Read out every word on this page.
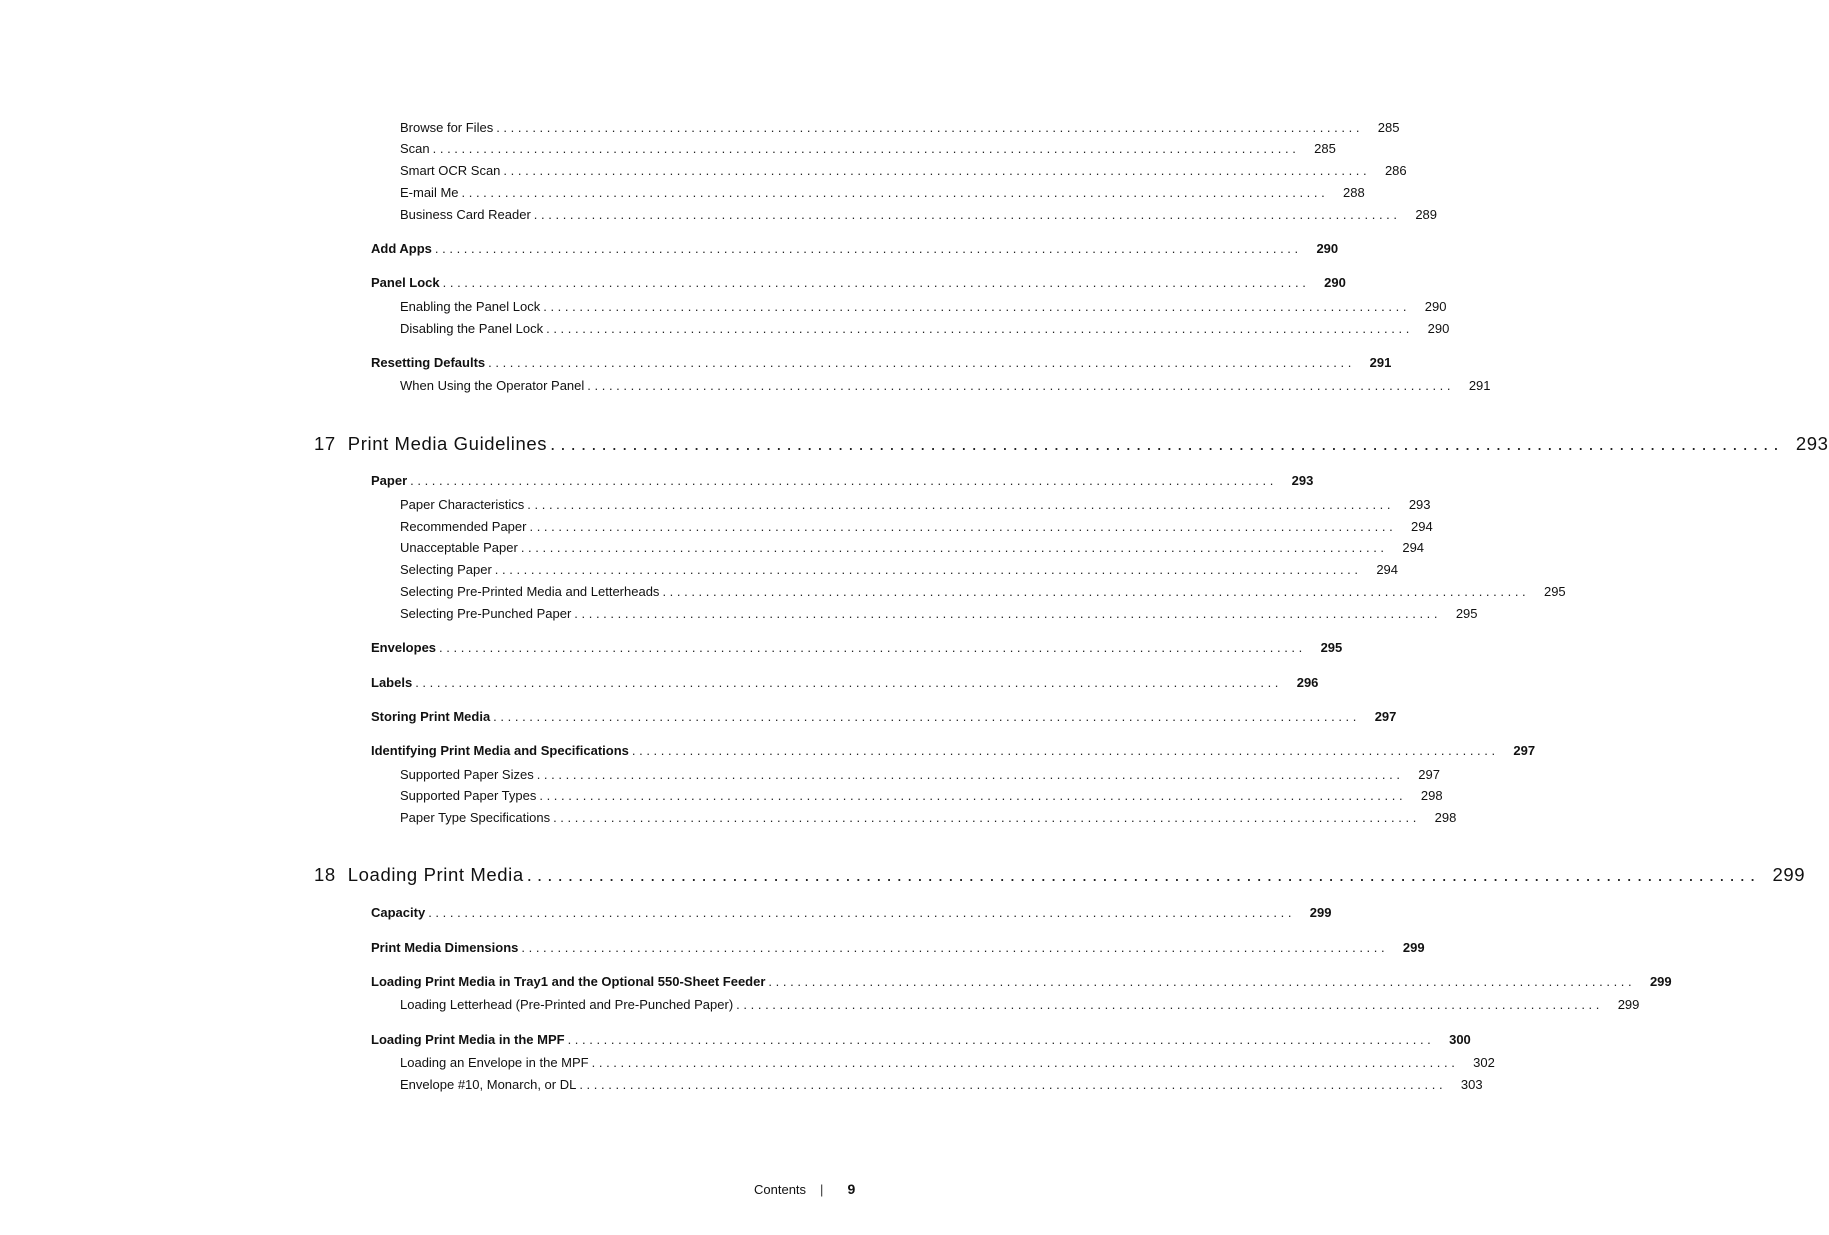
Browse for Files . . . . . . . . . . . . . . . . . . . . . . . . . . . . . . . . . . . . . . . . . . . . . . . . . . . . . . . . . . . . . . . . . . . . . . . . . . . . . . . . . . . . . . . . . . . . . . . . . . . . . . . . . . . . . . . . . . . . . . . .	285
Scan . . . . . . . . . . . . . . . . . . . . . . . . . . . . . . . . . . . . . . . . . . . . . . . . . . . . . . . . . . . . . . . . . . . . . . . . . . . . . . . . . . . . . . . . . . . . . . . . . . . . . . . . . . . . . . . . . . . . . . . .	285
Smart OCR Scan . . . . . . . . . . . . . . . . . . . . . . . . . . . . . . . . . . . . . . . . . . . . . . . . . . . . . . . . . . . . . . . . . . . . . . . . . . . . . . . . . . . . . . . . . . . . . . . . . . . . . . . . . . . . . . . . . . . . . . . .	286
E-mail Me . . . . . . . . . . . . . . . . . . . . . . . . . . . . . . . . . . . . . . . . . . . . . . . . . . . . . . . . . . . . . . . . . . . . . . . . . . . . . . . . . . . . . . . . . . . . . . . . . . . . . . . . . . . . . . . . . . . . . . . .	288
Business Card Reader . . . . . . . . . . . . . . . . . . . . . . . . . . . . . . . . . . . . . . . . . . . . . . . . . . . . . . . . . . . . . . . . . . . . . . . . . . . . . . . . . . . . . . . . . . . . . . . . . . . . . . . . . . . . . . . . . . . . . . . .	289
Add Apps . . . . . . . . . . . . . . . . . . . . . . . . . . . . . . . . . . . . . . . . . . . . . . . . . . . . . . . . . . . . . . . . . . . . . . . . . . . . . . . . . . . . . . . . . . . . . . . . . . . . . . . . . . . . . . . . . . . . . . . .	290
Panel Lock . . . . . . . . . . . . . . . . . . . . . . . . . . . . . . . . . . . . . . . . . . . . . . . . . . . . . . . . . . . . . . . . . . . . . . . . . . . . . . . . . . . . . . . . . . . . . . . . . . . . . . . . . . . . . . . . . . . . . . . .	290
Enabling the Panel Lock . . . . . . . . . . . . . . . . . . . . . . . . . . . . . . . . . . . . . . . . . . . . . . . . . . . . . . . . . . . . . . . . . . . . . . . . . . . . . . . . . . . . . . . . . . . . . . . . . . . . . . . . . . . . . . . . . . . . . . . .	290
Disabling the Panel Lock . . . . . . . . . . . . . . . . . . . . . . . . . . . . . . . . . . . . . . . . . . . . . . . . . . . . . . . . . . . . . . . . . . . . . . . . . . . . . . . . . . . . . . . . . . . . . . . . . . . . . . . . . . . . . . . . . . . . . . . .	290
Resetting Defaults . . . . . . . . . . . . . . . . . . . . . . . . . . . . . . . . . . . . . . . . . . . . . . . . . . . . . . . . . . . . . . . . . . . . . . . . . . . . . . . . . . . . . . . . . . . . . . . . . . . . . . . . . . . . . . . . . . . . . . . .	291
When Using the Operator Panel . . . . . . . . . . . . . . . . . . . . . . . . . . . . . . . . . . . . . . . . . . . . . . . . . . . . . . . . . . . . . . . . . . . . . . . . . . . . . . . . . . . . . . . . . . . . . . . . . . . . . . . . . . . . . . . . . . . . . . . .	291
17 Print Media Guidelines . . . . . . . . . . . . . . . . . . . . . . . . . . . . . . . . . . . . . . . . . . . . . . . . . . . . . . . . . . . . . . . . . . . . . . . . . . . . . . . . . . . . . . . . . . . . . . . . . . . . . . . . . . . . . . . . . . . . . . . . 293
Paper . . . . . . . . . . . . . . . . . . . . . . . . . . . . . . . . . . . . . . . . . . . . . . . . . . . . . . . . . . . . . . . . . . . . . . . . . . . . . . . . . . . . . . . . . . . . . . . . . . . . . . . . . . . . . . . . . . . . . . . .	293
Paper Characteristics . . . . . . . . . . . . . . . . . . . . . . . . . . . . . . . . . . . . . . . . . . . . . . . . . . . . . . . . . . . . . . . . . . . . . . . . . . . . . . . . . . . . . . . . . . . . . . . . . . . . . . . . . . . . . . . . . . . . . . . .	293
Recommended Paper . . . . . . . . . . . . . . . . . . . . . . . . . . . . . . . . . . . . . . . . . . . . . . . . . . . . . . . . . . . . . . . . . . . . . . . . . . . . . . . . . . . . . . . . . . . . . . . . . . . . . . . . . . . . . . . . . . . . . . . .	294
Unacceptable Paper . . . . . . . . . . . . . . . . . . . . . . . . . . . . . . . . . . . . . . . . . . . . . . . . . . . . . . . . . . . . . . . . . . . . . . . . . . . . . . . . . . . . . . . . . . . . . . . . . . . . . . . . . . . . . . . . . . . . . . . .	294
Selecting Paper . . . . . . . . . . . . . . . . . . . . . . . . . . . . . . . . . . . . . . . . . . . . . . . . . . . . . . . . . . . . . . . . . . . . . . . . . . . . . . . . . . . . . . . . . . . . . . . . . . . . . . . . . . . . . . . . . . . . . . . .	294
Selecting Pre-Printed Media and Letterheads . . . . . . . . . . . . . . . . . . . . . . . . . . . . . . . . . . . . . . . . . . . . . . . . . . . . . . . . . . . . . . . . . . . . . . . . . . . . . . . . . . . . . . . . . . . . . . . . . . . . . . . . . . . . . . . . . . . . . . . .	295
Selecting Pre-Punched Paper . . . . . . . . . . . . . . . . . . . . . . . . . . . . . . . . . . . . . . . . . . . . . . . . . . . . . . . . . . . . . . . . . . . . . . . . . . . . . . . . . . . . . . . . . . . . . . . . . . . . . . . . . . . . . . . . . . . . . . . .	295
Envelopes . . . . . . . . . . . . . . . . . . . . . . . . . . . . . . . . . . . . . . . . . . . . . . . . . . . . . . . . . . . . . . . . . . . . . . . . . . . . . . . . . . . . . . . . . . . . . . . . . . . . . . . . . . . . . . . . . . . . . . . .	295
Labels . . . . . . . . . . . . . . . . . . . . . . . . . . . . . . . . . . . . . . . . . . . . . . . . . . . . . . . . . . . . . . . . . . . . . . . . . . . . . . . . . . . . . . . . . . . . . . . . . . . . . . . . . . . . . . . . . . . . . . . .	296
Storing Print Media . . . . . . . . . . . . . . . . . . . . . . . . . . . . . . . . . . . . . . . . . . . . . . . . . . . . . . . . . . . . . . . . . . . . . . . . . . . . . . . . . . . . . . . . . . . . . . . . . . . . . . . . . . . . . . . . . . . . . . . .	297
Identifying Print Media and Specifications . . . . . . . . . . . . . . . . . . . . . . . . . . . . . . . . . . . . . . . . . . . . . . . . . . . . . . . . . . . . . . . . . . . . . . . . . . . . . . . . . . . . . . . . . . . . . . . . . . . . . . . . . . . . . . . . . . . . . . . .	297
Supported Paper Sizes . . . . . . . . . . . . . . . . . . . . . . . . . . . . . . . . . . . . . . . . . . . . . . . . . . . . . . . . . . . . . . . . . . . . . . . . . . . . . . . . . . . . . . . . . . . . . . . . . . . . . . . . . . . . . . . . . . . . . . . .	297
Supported Paper Types . . . . . . . . . . . . . . . . . . . . . . . . . . . . . . . . . . . . . . . . . . . . . . . . . . . . . . . . . . . . . . . . . . . . . . . . . . . . . . . . . . . . . . . . . . . . . . . . . . . . . . . . . . . . . . . . . . . . . . . .	298
Paper Type Specifications . . . . . . . . . . . . . . . . . . . . . . . . . . . . . . . . . . . . . . . . . . . . . . . . . . . . . . . . . . . . . . . . . . . . . . . . . . . . . . . . . . . . . . . . . . . . . . . . . . . . . . . . . . . . . . . . . . . . . . . .	298
18 Loading Print Media . . . . . . . . . . . . . . . . . . . . . . . . . . . . . . . . . . . . . . . . . . . . . . . . . . . . . . . . . . . . . . . . . . . . . . . . . . . . . . . . . . . . . . . . . . . . . . . . . . . . . . . . . . . . . . . . . . . . . . . . 299
Capacity . . . . . . . . . . . . . . . . . . . . . . . . . . . . . . . . . . . . . . . . . . . . . . . . . . . . . . . . . . . . . . . . . . . . . . . . . . . . . . . . . . . . . . . . . . . . . . . . . . . . . . . . . . . . . . . . . . . . . . . .	299
Print Media Dimensions . . . . . . . . . . . . . . . . . . . . . . . . . . . . . . . . . . . . . . . . . . . . . . . . . . . . . . . . . . . . . . . . . . . . . . . . . . . . . . . . . . . . . . . . . . . . . . . . . . . . . . . . . . . . . . . . . . . . . . . .	299
Loading Print Media in Tray1 and the Optional 550-Sheet Feeder . . . . . . . . . . . . . . . . . . . . . . . . . . . . . . . . . . . . . . . . . . . . . . . . . . . . . . . . . . . . . . . . . . . . . . . . . . . . . . . . . . . . . . . . . . . . . . . . . . . . . . . . . . . . . . . . . . . . . . . .	299
Loading Letterhead (Pre-Printed and Pre-Punched Paper) . . . . . . . . . . . . . . . . . . . . . . . . . . . . . . . . . . . . . . . . . . . . . . . . . . . . . . . . . . . . . . . . . . . . . . . . . . . . . . . . . . . . . . . . . . . . . . . . . . . . . . . . . . . . . . . . . . . . . . . .	299
Loading Print Media in the MPF . . . . . . . . . . . . . . . . . . . . . . . . . . . . . . . . . . . . . . . . . . . . . . . . . . . . . . . . . . . . . . . . . . . . . . . . . . . . . . . . . . . . . . . . . . . . . . . . . . . . . . . . . . . . . . . . . . . . . . . .	300
Loading an Envelope in the MPF . . . . . . . . . . . . . . . . . . . . . . . . . . . . . . . . . . . . . . . . . . . . . . . . . . . . . . . . . . . . . . . . . . . . . . . . . . . . . . . . . . . . . . . . . . . . . . . . . . . . . . . . . . . . . . . . . . . . . . . .	302
Envelope #10, Monarch, or DL . . . . . . . . . . . . . . . . . . . . . . . . . . . . . . . . . . . . . . . . . . . . . . . . . . . . . . . . . . . . . . . . . . . . . . . . . . . . . . . . . . . . . . . . . . . . . . . . . . . . . . . . . . . . . . . . . . . . . . . .	303
Contents | 9
